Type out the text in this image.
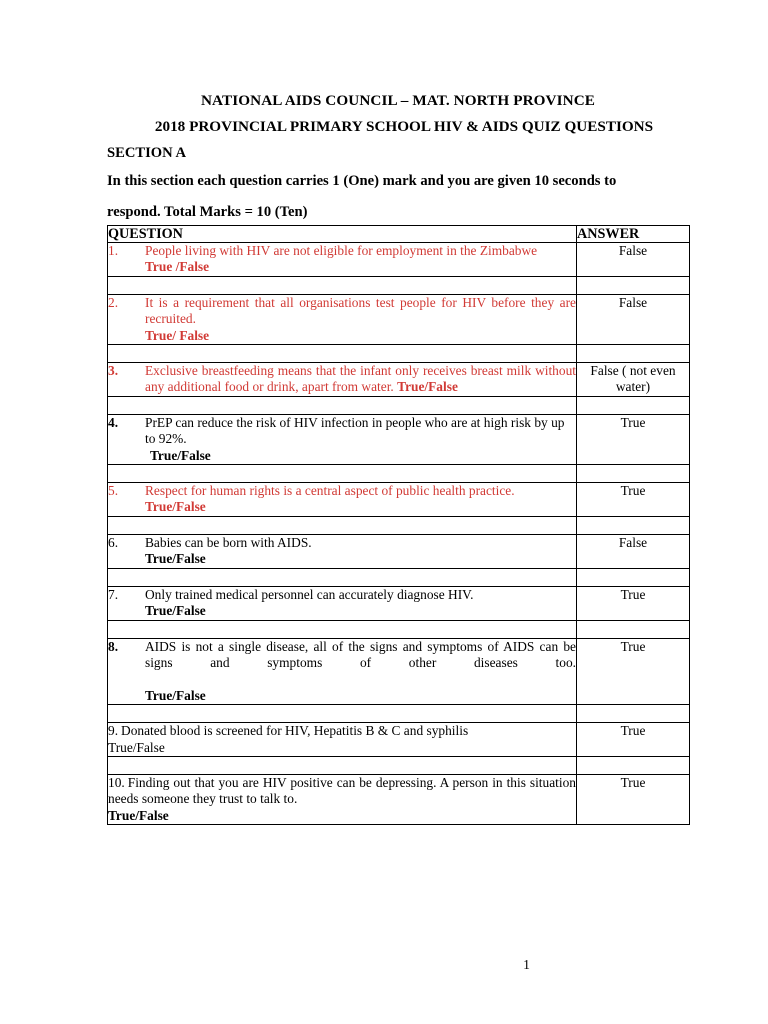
NATIONAL AIDS COUNCIL – MAT. NORTH PROVINCE
2018 PROVINCIAL PRIMARY SCHOOL HIV & AIDS QUIZ QUESTIONS
SECTION A
In this section each question carries 1 (One) mark and you are given 10 seconds to respond. Total Marks = 10 (Ten)
QUESTION	ANSWER

1. People living with HIV are not eligible for employment in the Zimbabwe
True /False	False

2. It is a requirement that all organisations test people for HIV before they are recruited.
True/ False	False

3. Exclusive breastfeeding means that the infant only receives breast milk without any additional food or drink, apart from water. True/False	False ( not even water)

4. PrEP can reduce the risk of HIV infection in people who are at high risk by up to 92%.
True/False	True

5. Respect for human rights is a central aspect of public health practice.
True/False	True

6. Babies can be born with AIDS.
True/False	False

7. Only trained medical personnel can accurately diagnose HIV.
True/False	True

8. AIDS is not a single disease, all of the signs and symptoms of AIDS can be signs and symptoms of other diseases too.
True/False	True

9. Donated blood is screened for HIV, Hepatitis B & C and syphilis
True/False	True

10. Finding out that you are HIV positive can be depressing. A person in this situation needs someone they trust to talk to.
True/False	True
1
